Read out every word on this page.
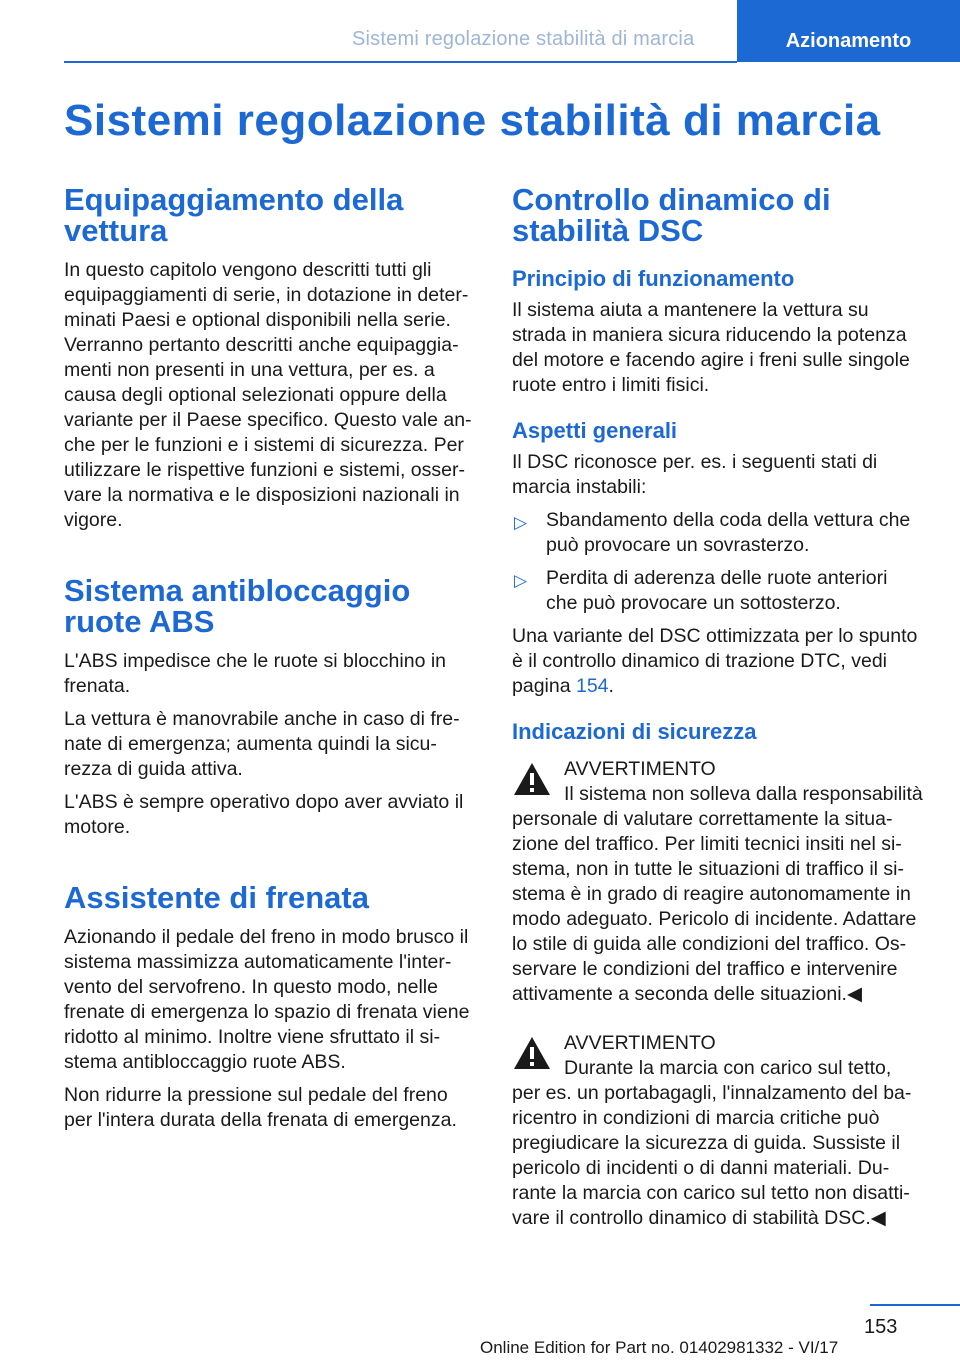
Sistemi regolazione stabilità di marcia	Azionamento
Sistemi regolazione stabilità di marcia
Equipaggiamento della
vettura

In questo capitolo vengono descritti tutti gli
equipaggiamenti di serie, in dotazione in deter‐
minati Paesi e optional disponibili nella serie.
Verranno pertanto descritti anche equipaggia‐
menti non presenti in una vettura, per es. a
causa degli optional selezionati oppure della
variante per il Paese specifico. Questo vale an‐
che per le funzioni e i sistemi di sicurezza. Per
utilizzare le rispettive funzioni e sistemi, osser‐
vare la normativa e le disposizioni nazionali in
vigore.

Sistema antibloccaggio
ruote ABS

L'ABS impedisce che le ruote si blocchino in
frenata.

La vettura è manovrabile anche in caso di fre‐
nate di emergenza; aumenta quindi la sicu‐
rezza di guida attiva.

L'ABS è sempre operativo dopo aver avviato il
motore.

Assistente di frenata

Azionando il pedale del freno in modo brusco il
sistema massimizza automaticamente l'inter‐
vento del servofreno. In questo modo, nelle
frenate di emergenza lo spazio di frenata viene
ridotto al minimo. Inoltre viene sfruttato il si‐
stema antibloccaggio ruote ABS.

Non ridurre la pressione sul pedale del freno
per l'intera durata della frenata di emergenza.

Controllo dinamico di
stabilità DSC
Principio di funzionamento

Il sistema aiuta a mantenere la vettura su
strada in maniera sicura riducendo la potenza
del motore e facendo agire i freni sulle singole
ruote entro i limiti fisici.

Aspetti generali

Il DSC riconosce per. es. i seguenti stati di
marcia instabili:

▷ Sbandamento della coda della vettura che
può provocare un sovrasterzo.
▷ Perdita di aderenza delle ruote anteriori
che può provocare un sottosterzo.

Una variante del DSC ottimizzata per lo spunto
è il controllo dinamico di trazione DTC, vedi
pagina 154.

Indicazioni di sicurezza

AVVERTIMENTO

Il sistema non solleva dalla responsabilità

personale di valutare correttamente la situa‐
zione del traffico. Per limiti tecnici insiti nel si‐
stema, non in tutte le situazioni di traffico il si‐
stema è in grado di reagire autonomamente in
modo adeguato. Pericolo di incidente. Adattare
lo stile di guida alle condizioni del traffico. Os‐
servare le condizioni del traffico e intervenire
attivamente a seconda delle situazioni.◀

AVVERTIMENTO

Durante la marcia con carico sul tetto,

per es. un portabagagli, l'innalzamento del ba‐
ricentro in condizioni di marcia critiche può
pregiudicare la sicurezza di guida. Sussiste il
pericolo di incidenti o di danni materiali. Du‐
rante la marcia con carico sul tetto non disatti‐
vare il controllo dinamico di stabilità DSC.◀

153
Online Edition for Part no. 01402981332 - VI/17
